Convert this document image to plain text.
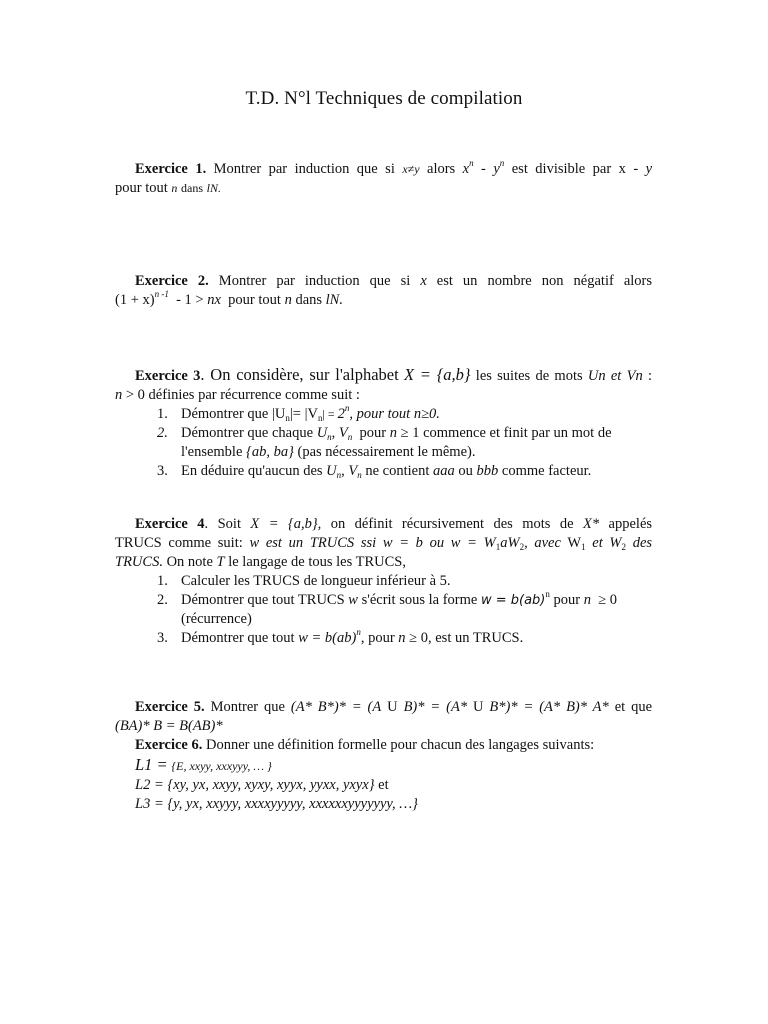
T.D. N°l Techniques de compilation
Exercice 1. Montrer par induction que si x≠y alors $x^n - y^n$ est divisible par x - y
pour tout n dans lN.
Exercice 2. Montrer par induction que si x est un nombre non négatif alors
$(1 + x)^{n -1} - 1$ > nx pour tout n dans lN.
Exercice 3. On considère, sur l'alphabet X = {a,b} les suites de mots Un et Vn :
n > 0 définies par récurrence comme suit :
1. Démontrer que $|U_n|= |V_n| = 2^n$, pour tout n≥0.
2. Démontrer que chaque $U_n$, $V_n$ pour n ≥ 1 commence et finit par un mot de
l'ensemble {ab, ba} (pas nécessairement le même).
3. En déduire qu'aucun des $U_n$, $V_n$ ne contient aaa ou bbb comme facteur.
Exercice 4. Soit X = {a,b}, on définit récursivement des mots de X* appelés
TRUCS comme suit: w est un TRUCS ssi w = b ou $w = W_1aW_2$, avec $W_1$ et $W_2$ des
TRUCS. On note T le langage de tous les TRUCS,
1. Calculer les TRUCS de longueur inférieur à 5.
2. Démontrer que tout TRUCS w s'écrit sous la forme w = b(ab)$^n$ pour n ≥ 0
(récurrence)
3. Démontrer que tout w = b(ab)$^n$, pour n ≥ 0, est un TRUCS.
Exercice 5. Montrer que (A* B*)* = (A U B)* = (A* U B*)* = (A* B)* A* et que
(BA)* B = B(AB)*
Exercice 6. Donner une définition formelle pour chacun des langages suivants:
L1 = {E, xxyy, xxxyyy, … }
L2 = {xy, yx, xxyy, xyxy, xyyx, yyxx, yxyx} et
L3 = {y, yx, xxyyy, xxxxyyyyy, xxxxxxyyyyyyy, …}
